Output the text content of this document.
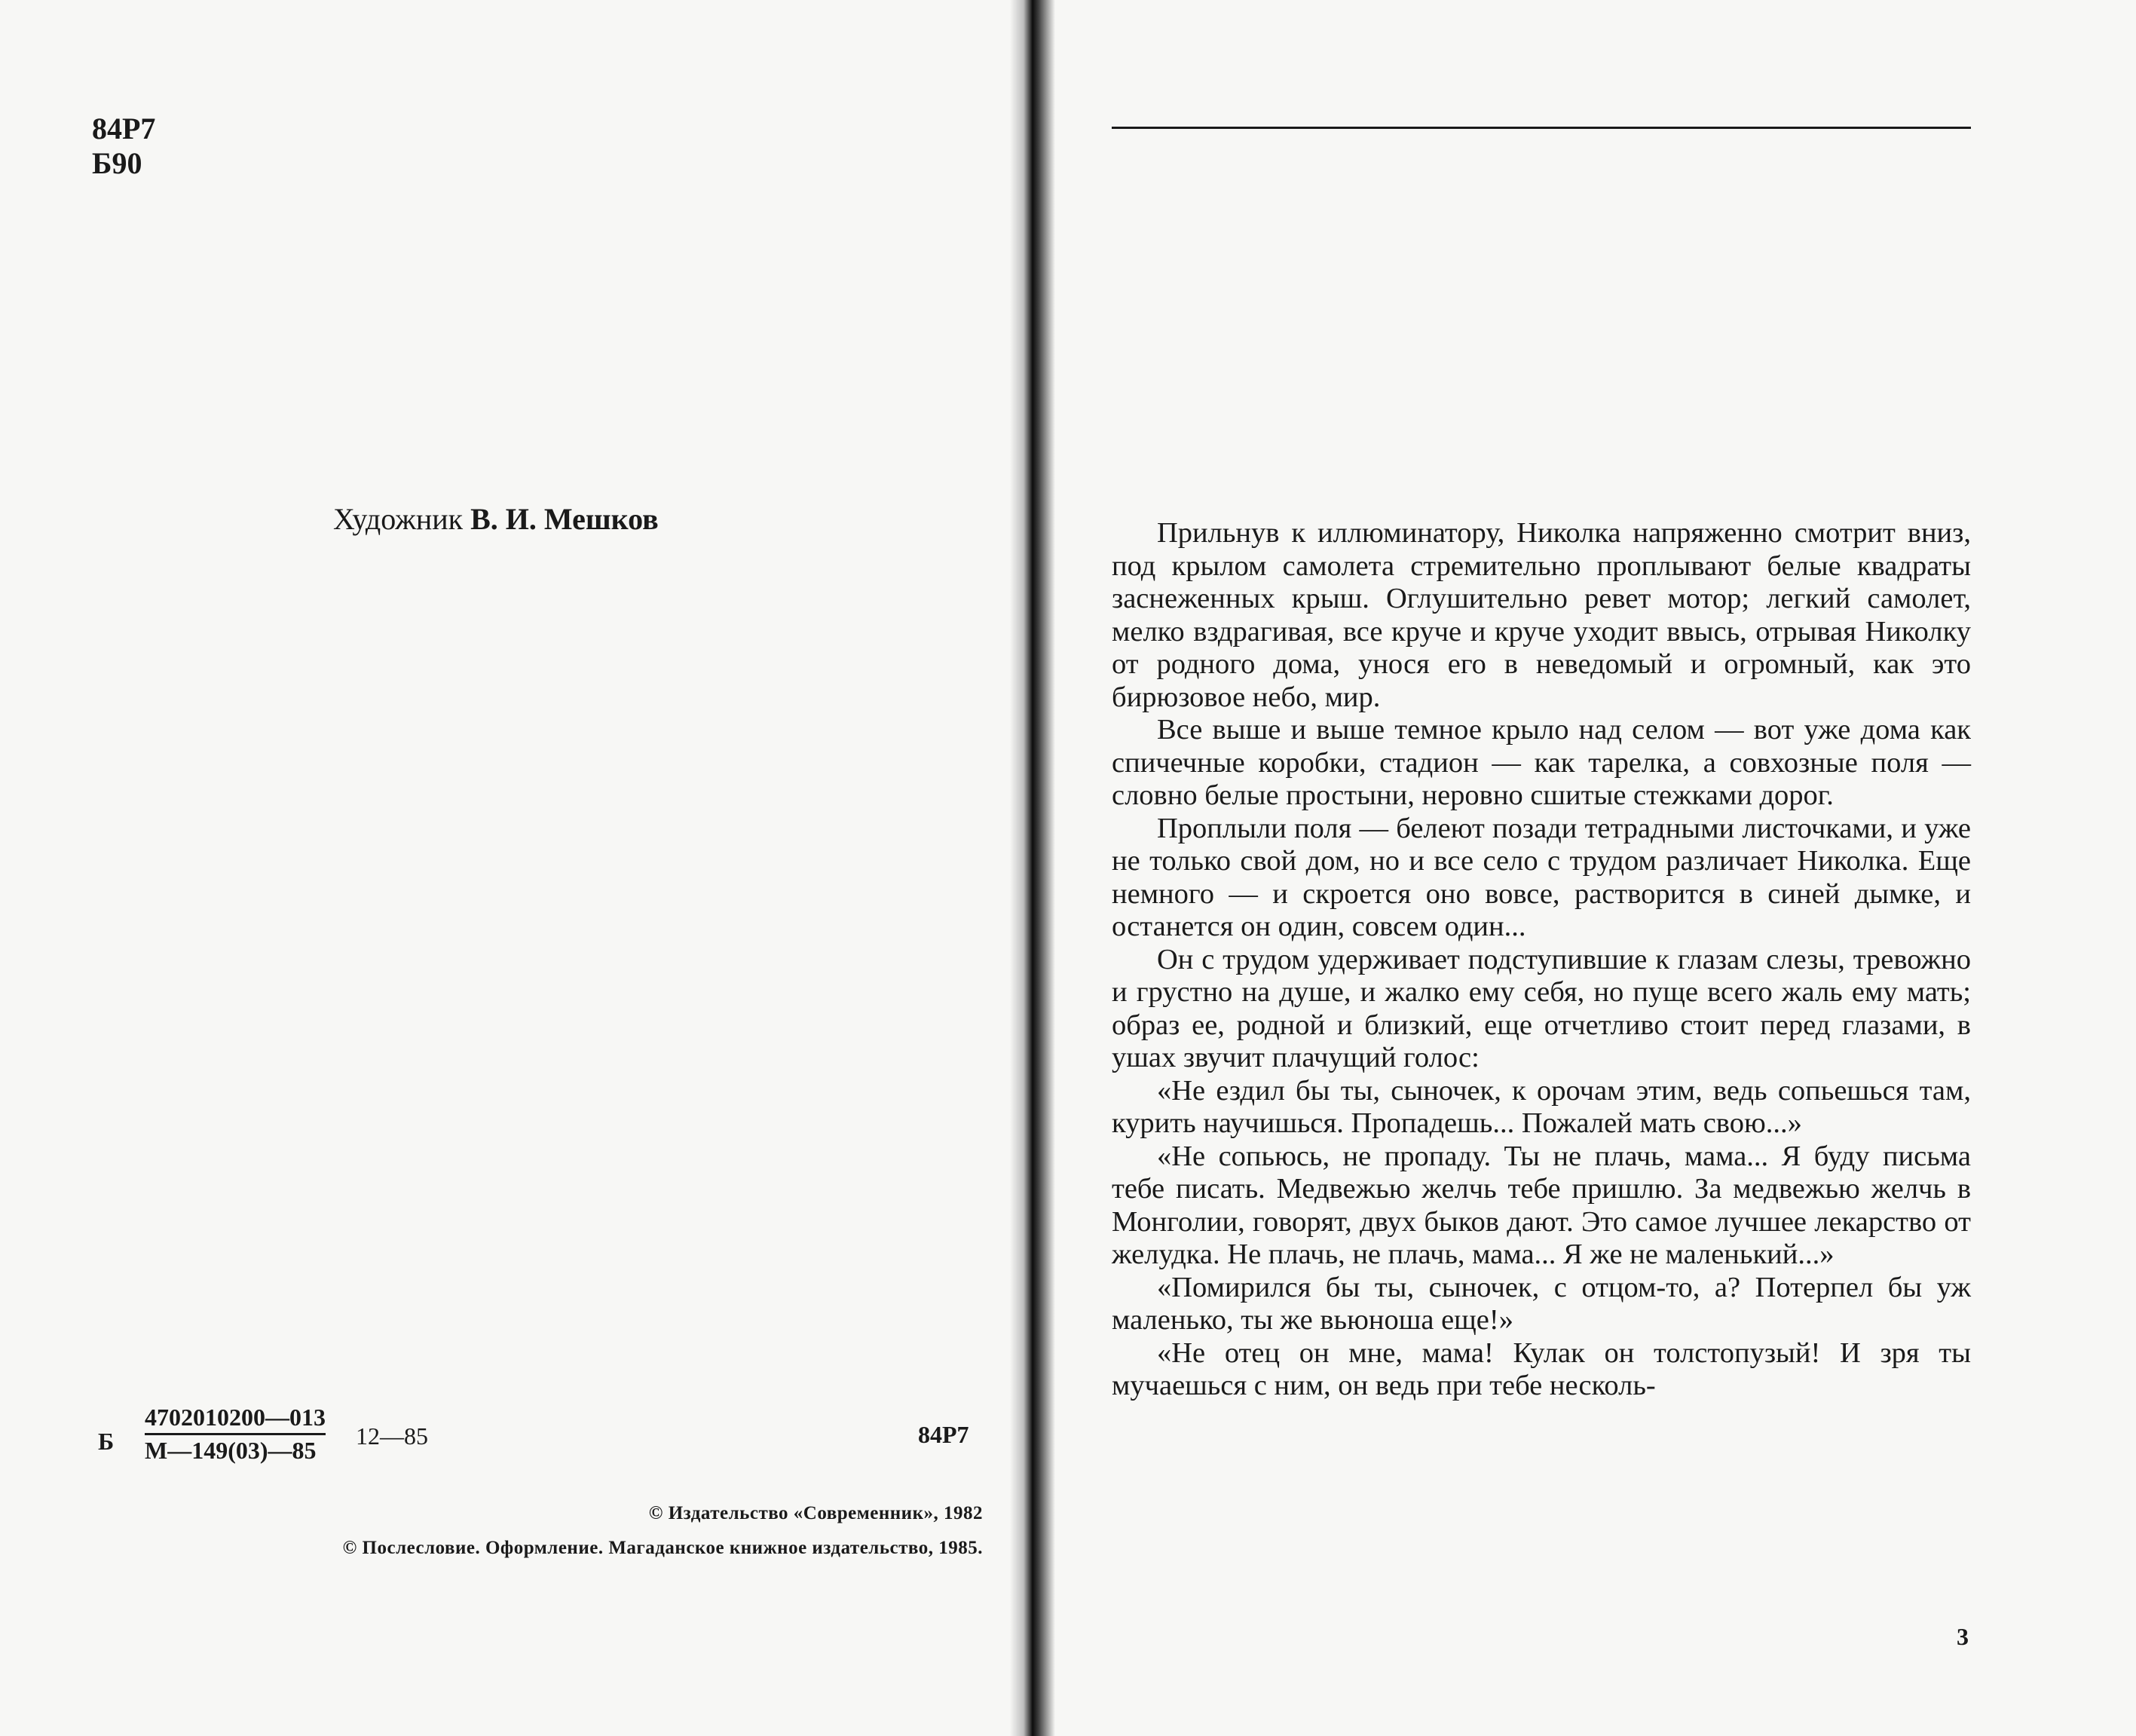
84Р7
Б90
Художник В. И. Мешков
Б
4702010200—013
М—149(03)—85
12—85	84Р7
© Издательство «Современник», 1982
© Послесловие. Оформление. Магаданское книжное издательство, 1985.

Прильнув к иллюминатору, Николка напряженно смотрит вниз, под крылом самолета стремительно проплывают белые квадраты заснеженных крыш. Оглушительно ревет мотор; легкий самолет, мелко вздрагивая, все круче и круче уходит ввысь, отрывая Николку от родного дома, унося его в неведомый и огромный, как это бирюзовое небо, мир.

Все выше и выше темное крыло над селом — вот уже дома как спичечные коробки, стадион — как тарелка, а совхозные поля — словно белые простыни, неровно сшитые стежками дорог.

Проплыли поля — белеют позади тетрадными листочками, и уже не только свой дом, но и все село с трудом различает Николка. Еще немного — и скроется оно вовсе, растворится в синей дымке, и останется он один, совсем один...

Он с трудом удерживает подступившие к глазам слезы, тревожно и грустно на душе, и жалко ему себя, но пуще всего жаль ему мать; образ ее, родной и близкий, еще отчетливо стоит перед глазами, в ушах звучит плачущий голос:

«Не ездил бы ты, сыночек, к орочам этим, ведь сопьешься там, курить научишься. Пропадешь... Пожалей мать свою...»

«Не сопьюсь, не пропаду. Ты не плачь, мама... Я буду письма тебе писать. Медвежью желчь тебе пришлю. За медвежью желчь в Монголии, говорят, двух быков дают. Это самое лучшее лекарство от желудка. Не плачь, не плачь, мама... Я же не маленький...»

«Помирился бы ты, сыночек, с отцом-то, а? Потерпел бы уж маленько, ты же вьюноша еще!»

«Не отец он мне, мама! Кулак он толстопузый! И зря ты мучаешься с ним, он ведь при тебе несколь-

3
